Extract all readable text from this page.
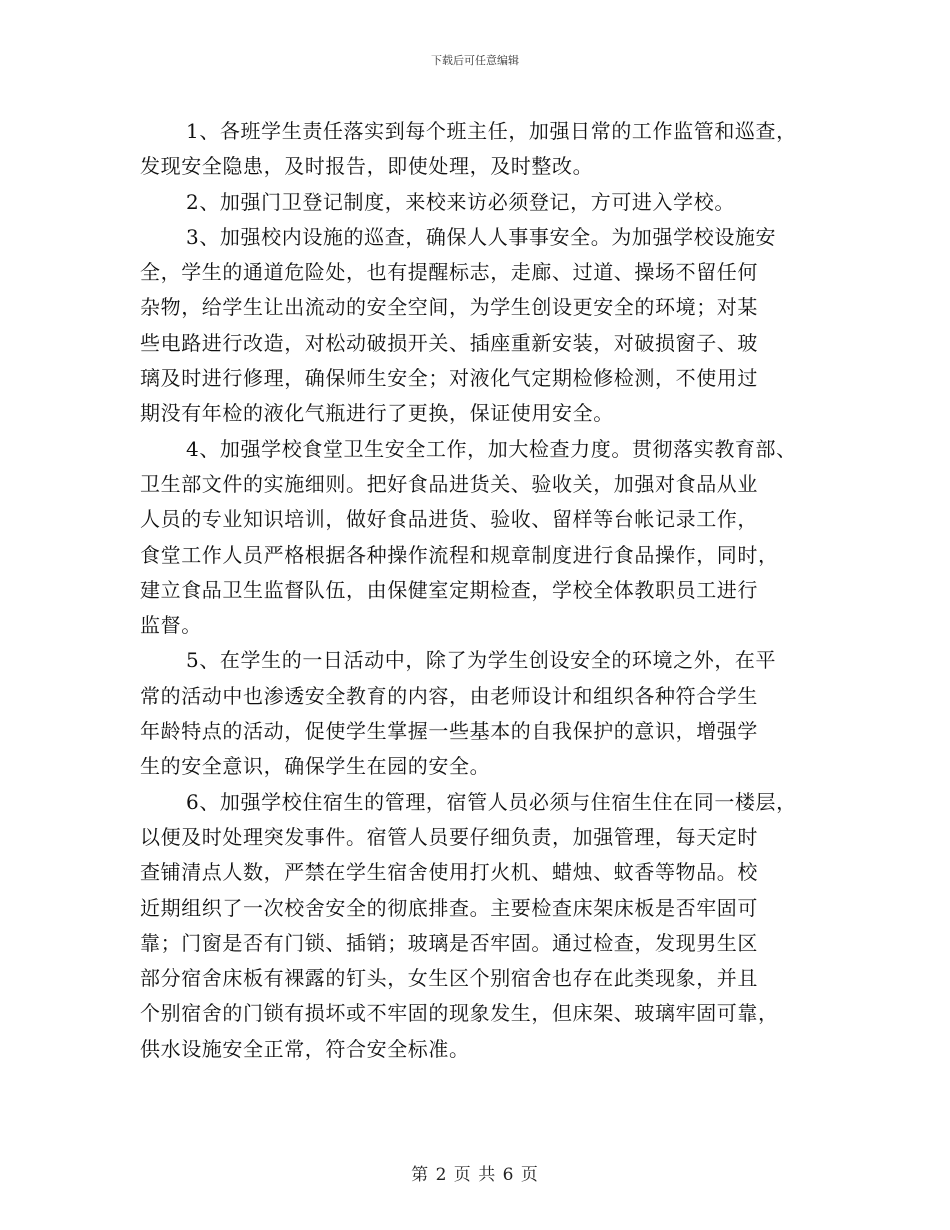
下载后可任意编辑
1、各班学生责任落实到每个班主任，加强日常的工作监管和巡查，
发现安全隐患，及时报告，即使处理，及时整改。
2、加强门卫登记制度，来校来访必须登记，方可进入学校。
3、加强校内设施的巡查，确保人人事事安全。为加强学校设施安
全，学生的通道危险处，也有提醒标志，走廊、过道、操场不留任何
杂物，给学生让出流动的安全空间，为学生创设更安全的环境；对某
些电路进行改造，对松动破损开关、插座重新安装，对破损窗子、玻
璃及时进行修理，确保师生安全；对液化气定期检修检测，不使用过
期没有年检的液化气瓶进行了更换，保证使用安全。
4、加强学校食堂卫生安全工作，加大检查力度。贯彻落实教育部、
卫生部文件的实施细则。把好食品进货关、验收关，加强对食品从业
人员的专业知识培训，做好食品进货、验收、留样等台帐记录工作，
食堂工作人员严格根据各种操作流程和规章制度进行食品操作，同时，
建立食品卫生监督队伍，由保健室定期检查，学校全体教职员工进行
监督。
5、在学生的一日活动中，除了为学生创设安全的环境之外，在平
常的活动中也渗透安全教育的内容，由老师设计和组织各种符合学生
年龄特点的活动，促使学生掌握一些基本的自我保护的意识，增强学
生的安全意识，确保学生在园的安全。
6、加强学校住宿生的管理，宿管人员必须与住宿生住在同一楼层，
以便及时处理突发事件。宿管人员要仔细负责，加强管理，每天定时
查铺清点人数，严禁在学生宿舍使用打火机、蜡烛、蚊香等物品。校
近期组织了一次校舍安全的彻底排查。主要检查床架床板是否牢固可
靠；门窗是否有门锁、插销；玻璃是否牢固。通过检查，发现男生区
部分宿舍床板有裸露的钉头，女生区个别宿舍也存在此类现象，并且
个别宿舍的门锁有损坏或不牢固的现象发生，但床架、玻璃牢固可靠，
供水设施安全正常，符合安全标准。
第 2 页 共 6 页
